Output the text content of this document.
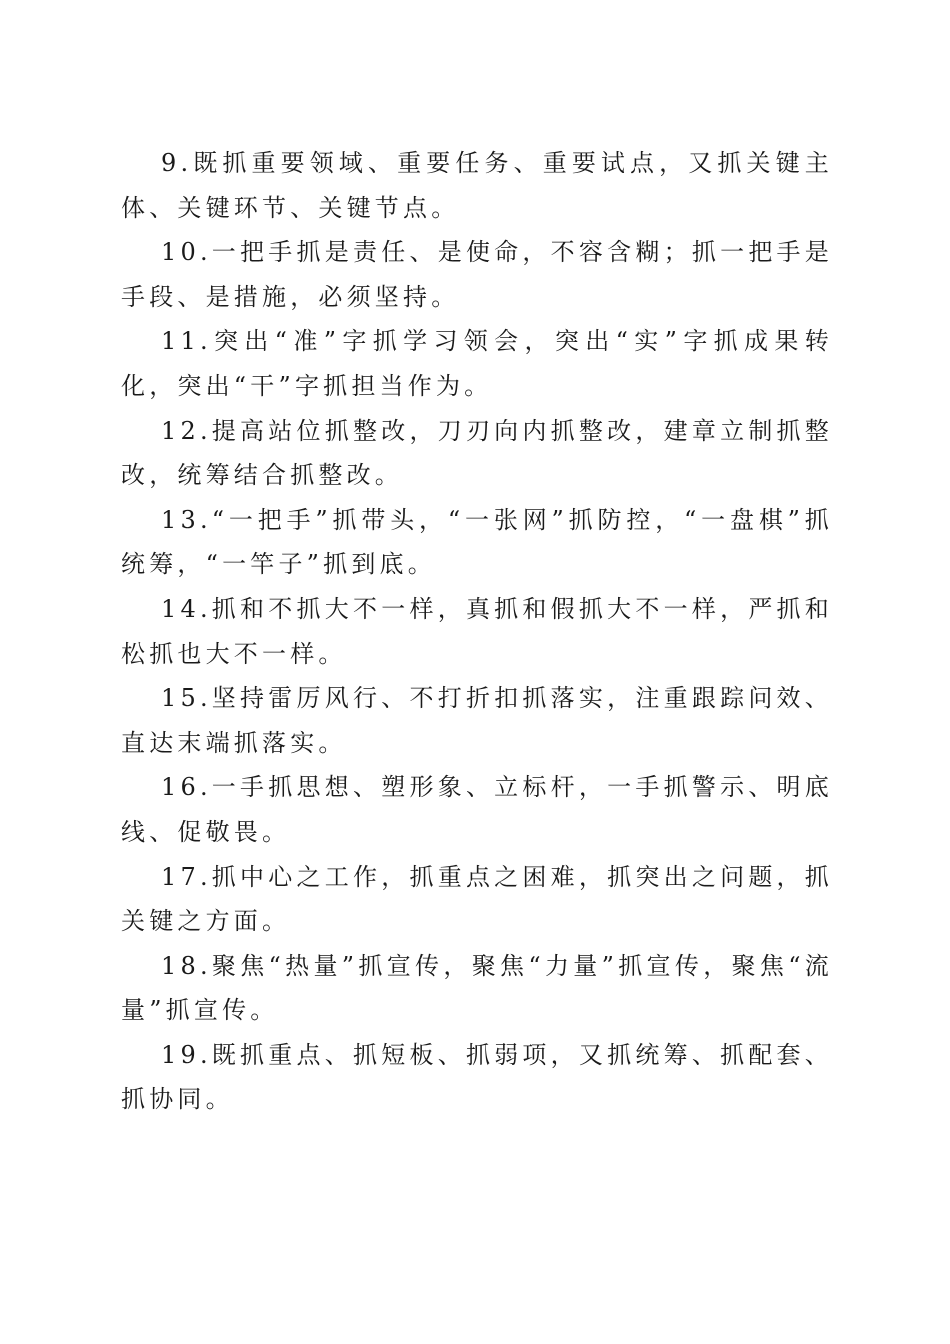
9.既抓重要领域、重要任务、重要试点，又抓关键主体、关键环节、关键节点。

10.一把手抓是责任、是使命，不容含糊；抓一把手是手段、是措施，必须坚持。

11.突出“准”字抓学习领会，突出“实”字抓成果转化，突出“干”字抓担当作为。

12.提高站位抓整改，刀刃向内抓整改，建章立制抓整改，统筹结合抓整改。

13.“一把手”抓带头，“一张网”抓防控，“一盘棋”抓统筹，“一竿子”抓到底。

14.抓和不抓大不一样，真抓和假抓大不一样，严抓和松抓也大不一样。

15.坚持雷厉风行、不打折扣抓落实，注重跟踪问效、直达末端抓落实。

16.一手抓思想、塑形象、立标杆，一手抓警示、明底线、促敬畏。

17.抓中心之工作，抓重点之困难，抓突出之问题，抓关键之方面。

18.聚焦“热量”抓宣传，聚焦“力量”抓宣传，聚焦“流量”抓宣传。

19.既抓重点、抓短板、抓弱项，又抓统筹、抓配套、抓协同。
